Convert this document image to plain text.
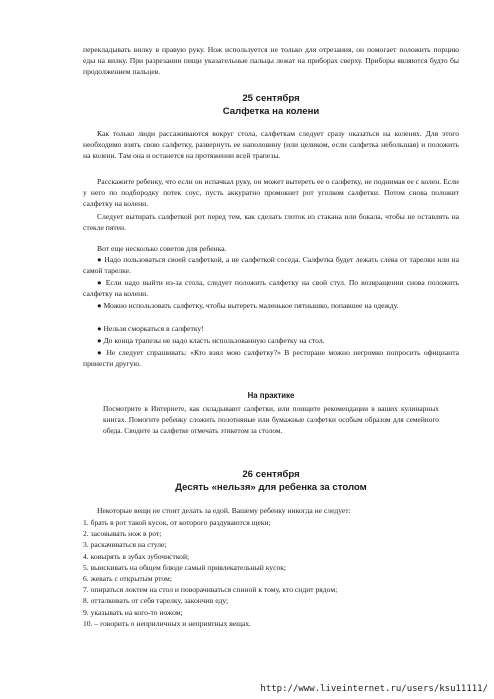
перекладывать вилку в правую руку. Нож используется не только для отрезания, он помогает положить порцию еды на вилку. При разрезании пищи указательные пальцы лежат на приборах сверху. Приборы являются будто бы продолжением пальцев.

25 сентября
Салфетка на колени

Как только люди рассаживаются вокруг стола, салфеткам следует сразу оказаться на коленях. Для этого необходимо взять свою салфетку, развернуть ее наполовину (или целиком, если салфетка небольшая) и положить на колени. Там она и останется на протяжении всей трапезы.

Расскажите ребенку, что если он испачкал руку, он может вытереть ее о салфетку, не поднимая ее с колен. Если у него по подбородку потек соус, пусть аккуратно промокнет рот уголком салфетки. Потом снова положит салфетку на колени.

Следует вытирать салфеткой рот перед тем, как сделать глоток из стакана или бокала, чтобы не оставлять на стекле пятен.

Вот еще несколько советов для ребенка.

● Надо пользоваться своей салфеткой, а не салфеткой соседа. Салфетка будет лежать слева от тарелки или на самой тарелке.

● Если надо выйти из-за стола, следует положить салфетку на свой стул. По возвращении снова положить салфетку на колени.

● Можно использовать салфетку, чтобы вытереть маленькое пятнышко, попавшее на одежду.

● Нельзя сморкаться в салфетку!

● До конца трапезы не надо класть использованную салфетку на стол.

● Не следует спрашивать: «Кто взял мою салфетку?» В ресторане можно негромко попросить официанта принести другую.

На практике

Посмотрите в Интернете, как складывают салфетки, или поищите рекомендации в ваших кулинарных книгах. Помогите ребенку сложить полотняные или бумажные салфетки особым образом для семейного обеда. Сводите за салфетке отмечать этикетом за столом.

26 сентября
Десять «нельзя» для ребенка за столом

Некоторые вещи не стоит делать за едой. Вашему ребенку никогда не следует:

1. брать в рот такой кусок, от которого раздуваются щеки;
2. засовывать нож в рот;
3. раскачиваться на стуле;
4. ковырять в зубах зубочисткой;
5. выискивать на общем блюде самый привлекательный кусок;
6. жевать с открытым ртом;
7. опираться локтем на стол и поворачиваться спиной к тому, кто сидит рядом;
8. отталкивать от себя тарелку, закончив еду;
9. указывать на кого-то ножом;
10. – говорить о неприличных и неприятных вещах.
http://www.liveinternet.ru/users/ksu11111/
